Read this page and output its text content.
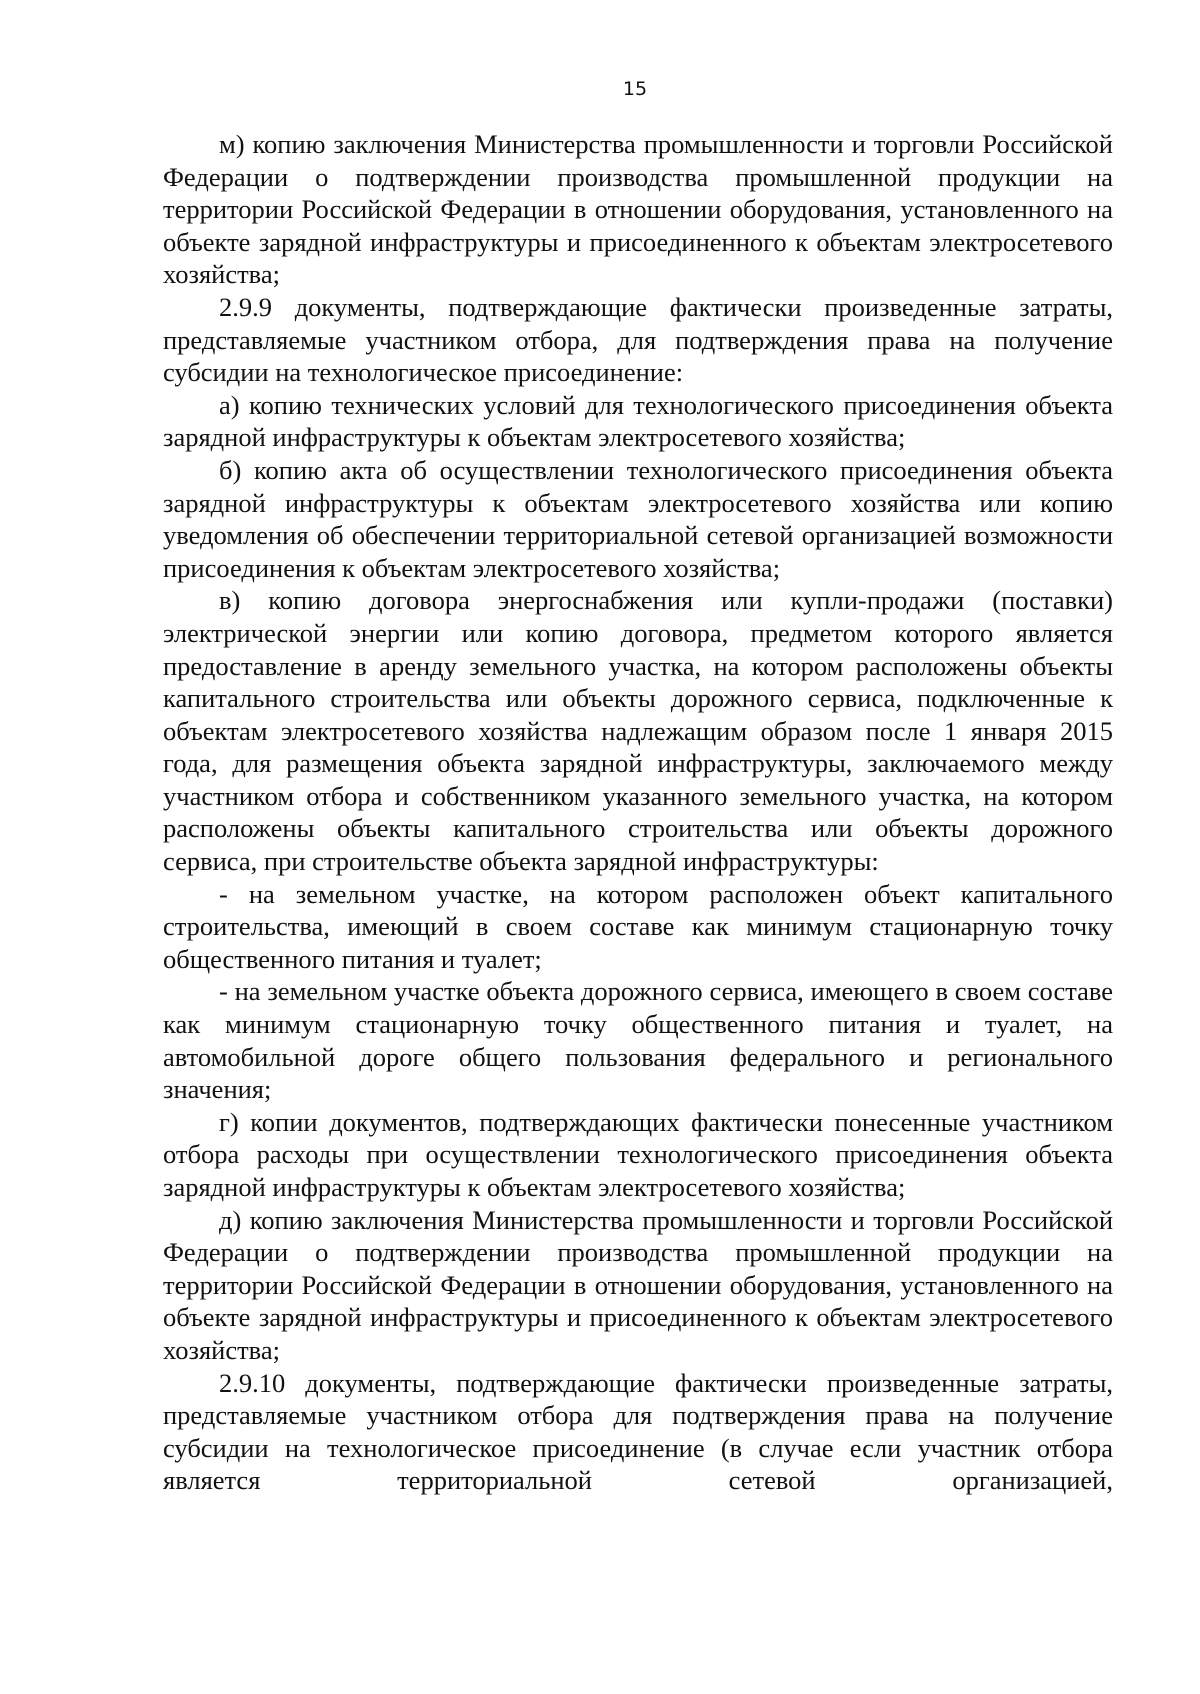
15

м) копию заключения Министерства промышленности и торговли Российской Федерации о подтверждении производства промышленной продукции на территории Российской Федерации в отношении оборудования, установленного на объекте зарядной инфраструктуры и присоединенного к объектам электросетевого хозяйства;

2.9.9 документы, подтверждающие фактически произведенные затраты, представляемые участником отбора, для подтверждения права на получение субсидии на технологическое присоединение:

а) копию технических условий для технологического присоединения объекта зарядной инфраструктуры к объектам электросетевого хозяйства;

б) копию акта об осуществлении технологического присоединения объекта зарядной инфраструктуры к объектам электросетевого хозяйства или копию уведомления об обеспечении территориальной сетевой организацией возможности присоединения к объектам электросетевого хозяйства;

в) копию договора энергоснабжения или купли-продажи (поставки) электрической энергии или копию договора, предметом которого является предоставление в аренду земельного участка, на котором расположены объекты капитального строительства или объекты дорожного сервиса, подключенные к объектам электросетевого хозяйства надлежащим образом после 1 января 2015 года, для размещения объекта зарядной инфраструктуры, заключаемого между участником отбора и собственником указанного земельного участка, на котором расположены объекты капитального строительства или объекты дорожного сервиса, при строительстве объекта зарядной инфраструктуры:

- на земельном участке, на котором расположен объект капитального строительства, имеющий в своем составе как минимум стационарную точку общественного питания и туалет;

- на земельном участке объекта дорожного сервиса, имеющего в своем составе как минимум стационарную точку общественного питания и туалет, на автомобильной дороге общего пользования федерального и регионального значения;

г) копии документов, подтверждающих фактически понесенные участником отбора расходы при осуществлении технологического присоединения объекта зарядной инфраструктуры к объектам электросетевого хозяйства;

д) копию заключения Министерства промышленности и торговли Российской Федерации о подтверждении производства промышленной продукции на территории Российской Федерации в отношении оборудования, установленного на объекте зарядной инфраструктуры и присоединенного к объектам электросетевого хозяйства;

2.9.10 документы, подтверждающие фактически произведенные затраты, представляемые участником отбора для подтверждения права на получение субсидии на технологическое присоединение (в случае если участник отбора является территориальной сетевой организацией,
